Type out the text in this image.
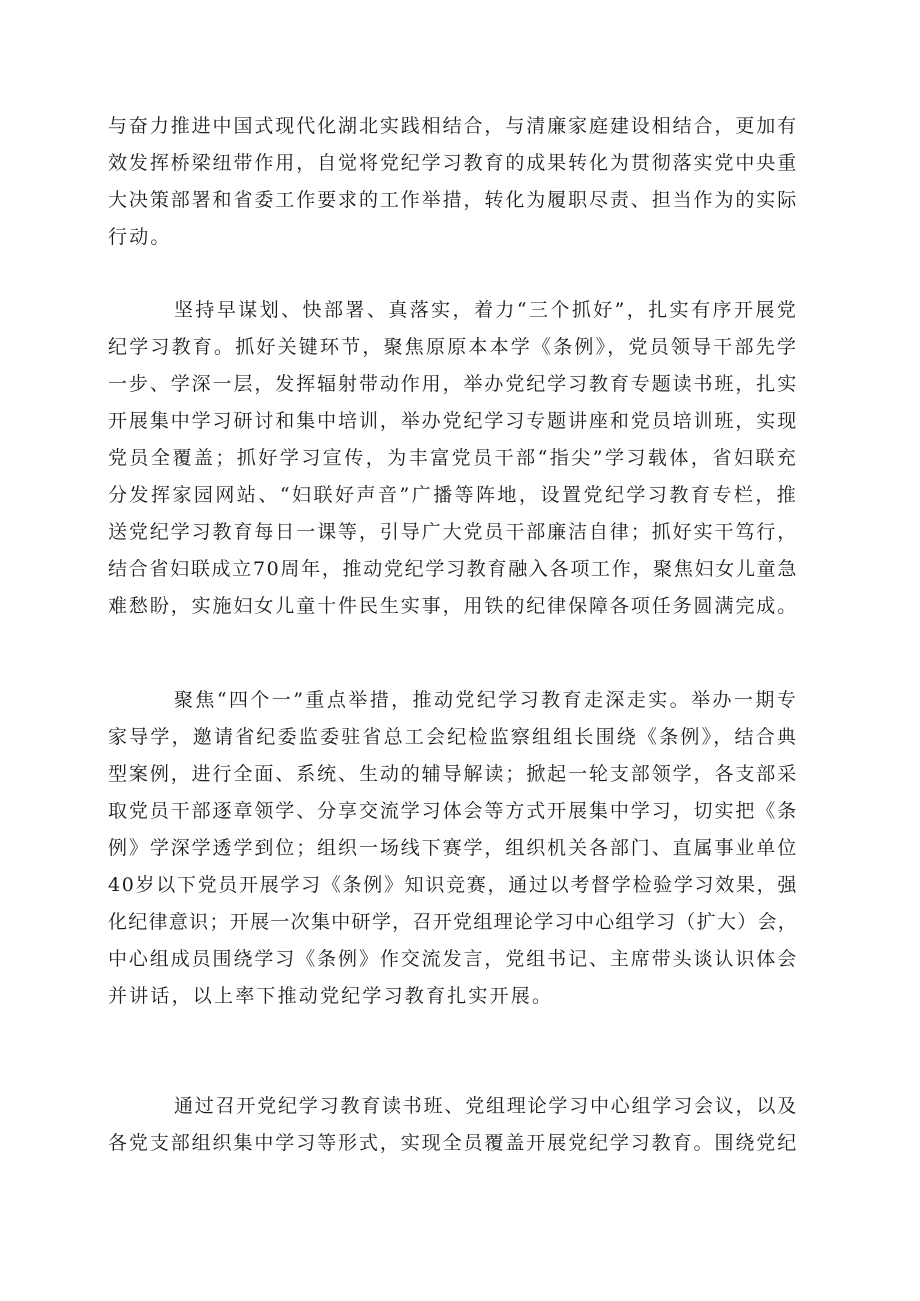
与奋力推进中国式现代化湖北实践相结合，与清廉家庭建设相结合，更加有
效发挥桥梁纽带作用，自觉将党纪学习教育的成果转化为贯彻落实党中央重
大决策部署和省委工作要求的工作举措，转化为履职尽责、担当作为的实际
行动。
坚持早谋划、快部署、真落实，着力“三个抓好”，扎实有序开展党
纪学习教育。抓好关键环节，聚焦原原本本学《条例》，党员领导干部先学
一步、学深一层，发挥辐射带动作用，举办党纪学习教育专题读书班，扎实
开展集中学习研讨和集中培训，举办党纪学习专题讲座和党员培训班，实现
党员全覆盖；抓好学习宣传，为丰富党员干部“指尖”学习载体，省妇联充
分发挥家园网站、“妇联好声音”广播等阵地，设置党纪学习教育专栏，推
送党纪学习教育每日一课等，引导广大党员干部廉洁自律；抓好实干笃行，
结合省妇联成立70周年，推动党纪学习教育融入各项工作，聚焦妇女儿童急
难愁盼，实施妇女儿童十件民生实事，用铁的纪律保障各项任务圆满完成。
聚焦“四个一”重点举措，推动党纪学习教育走深走实。举办一期专
家导学，邀请省纪委监委驻省总工会纪检监察组组长围绕《条例》，结合典
型案例，进行全面、系统、生动的辅导解读；掀起一轮支部领学，各支部采
取党员干部逐章领学、分享交流学习体会等方式开展集中学习，切实把《条
例》学深学透学到位；组织一场线下赛学，组织机关各部门、直属事业单位
40岁以下党员开展学习《条例》知识竞赛，通过以考督学检验学习效果，强
化纪律意识；开展一次集中研学，召开党组理论学习中心组学习（扩大）会，
中心组成员围绕学习《条例》作交流发言，党组书记、主席带头谈认识体会
并讲话，以上率下推动党纪学习教育扎实开展。
通过召开党纪学习教育读书班、党组理论学习中心组学习会议，以及
各党支部组织集中学习等形式，实现全员覆盖开展党纪学习教育。围绕党纪
